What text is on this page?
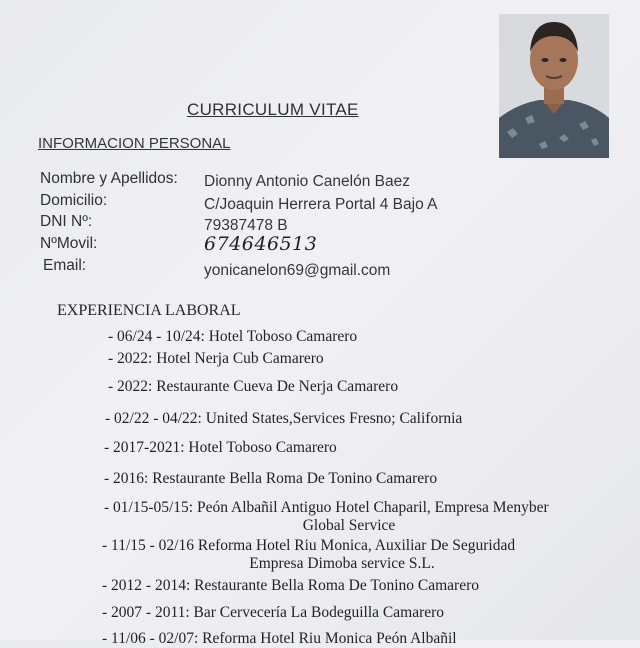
CURRICULUM VITAE
INFORMACION PERSONAL
Nombre y Apellidos: Dionny Antonio Canelón Baez
Domicilio:	C/Joaquin Herrera Portal 4 Bajo A
DNI Nº:	79387478 B
NºMovil:	674646513
Email:	yonicanelon69@gmail.com
EXPERIENCIA LABORAL
- 06/24 - 10/24: Hotel Toboso Camarero
- 2022: Hotel Nerja Cub Camarero
- 2022: Restaurante Cueva De Nerja Camarero
- 02/22 - 04/22: United States,Services Fresno; California
- 2017-2021: Hotel Toboso Camarero
- 2016: Restaurante Bella Roma De Tonino Camarero
- 01/15-05/15: Peón Albañil Antiguo Hotel Chaparil, Empresa Menyber
Global Service
- 11/15 - 02/16 Reforma Hotel Riu Monica, Auxiliar De Seguridad
Empresa Dimoba service S.L.
- 2012 - 2014: Restaurante Bella Roma De Tonino Camarero
- 2007 - 2011: Bar Cervecería La Bodeguilla Camarero
- 11/06 - 02/07: Reforma Hotel Riu Monica Peón Albañil
